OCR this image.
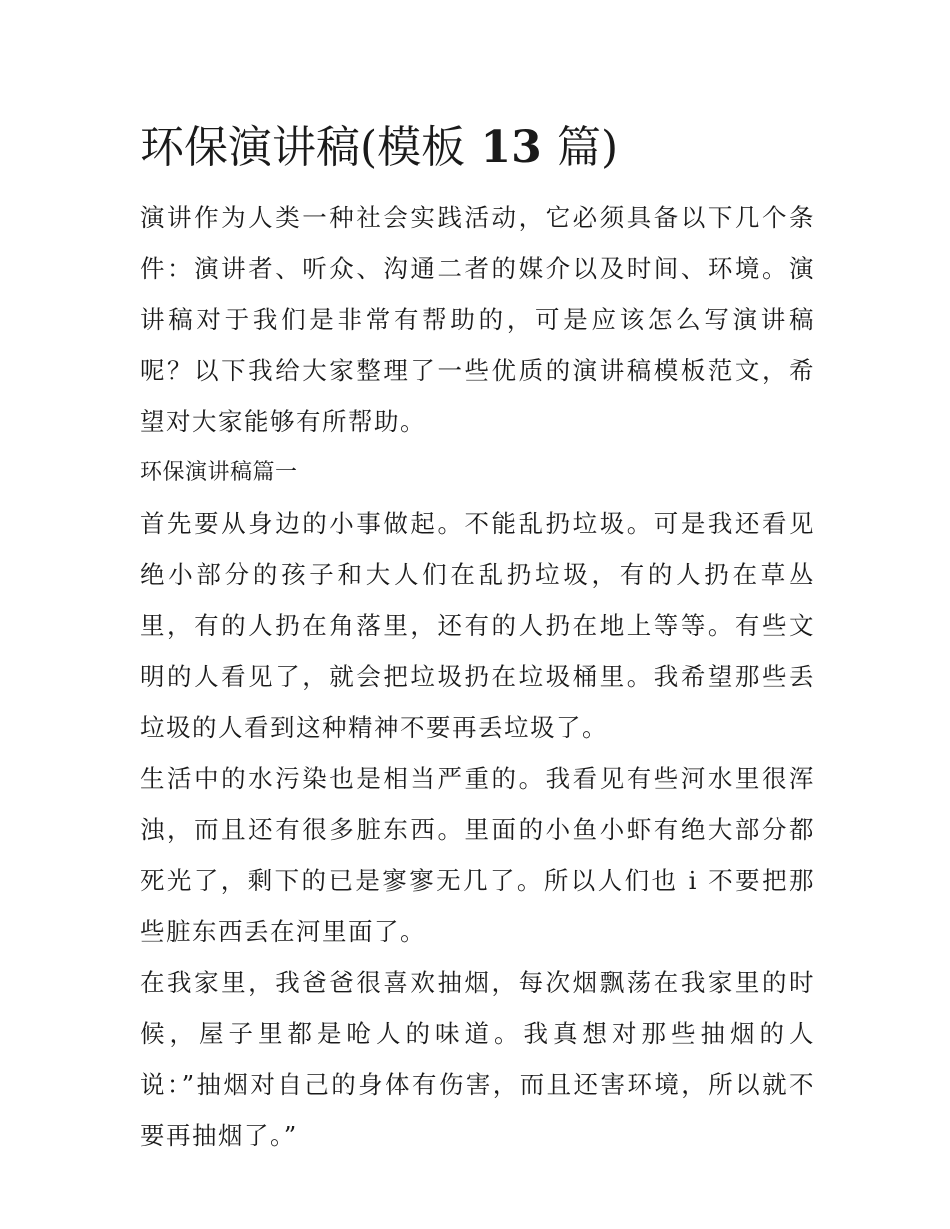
环保演讲稿(模板 13 篇)

演讲作为人类一种社会实践活动，它必须具备以下几个条件：演讲者、听众、沟通二者的媒介以及时间、环境。演讲稿对于我们是非常有帮助的，可是应该怎么写演讲稿呢？以下我给大家整理了一些优质的演讲稿模板范文，希望对大家能够有所帮助。

环保演讲稿篇一

首先要从身边的小事做起。不能乱扔垃圾。可是我还看见绝小部分的孩子和大人们在乱扔垃圾，有的人扔在草丛里，有的人扔在角落里，还有的人扔在地上等等。有些文明的人看见了，就会把垃圾扔在垃圾桶里。我希望那些丢垃圾的人看到这种精神不要再丢垃圾了。

生活中的水污染也是相当严重的。我看见有些河水里很浑浊，而且还有很多脏东西。里面的小鱼小虾有绝大部分都死光了，剩下的已是寥寥无几了。所以人们也 i 不要把那些脏东西丢在河里面了。

在我家里，我爸爸很喜欢抽烟，每次烟飘荡在我家里的时候，屋子里都是呛人的味道。我真想对那些抽烟的人说：”抽烟对自己的身体有伤害，而且还害环境，所以就不要再抽烟了。”
